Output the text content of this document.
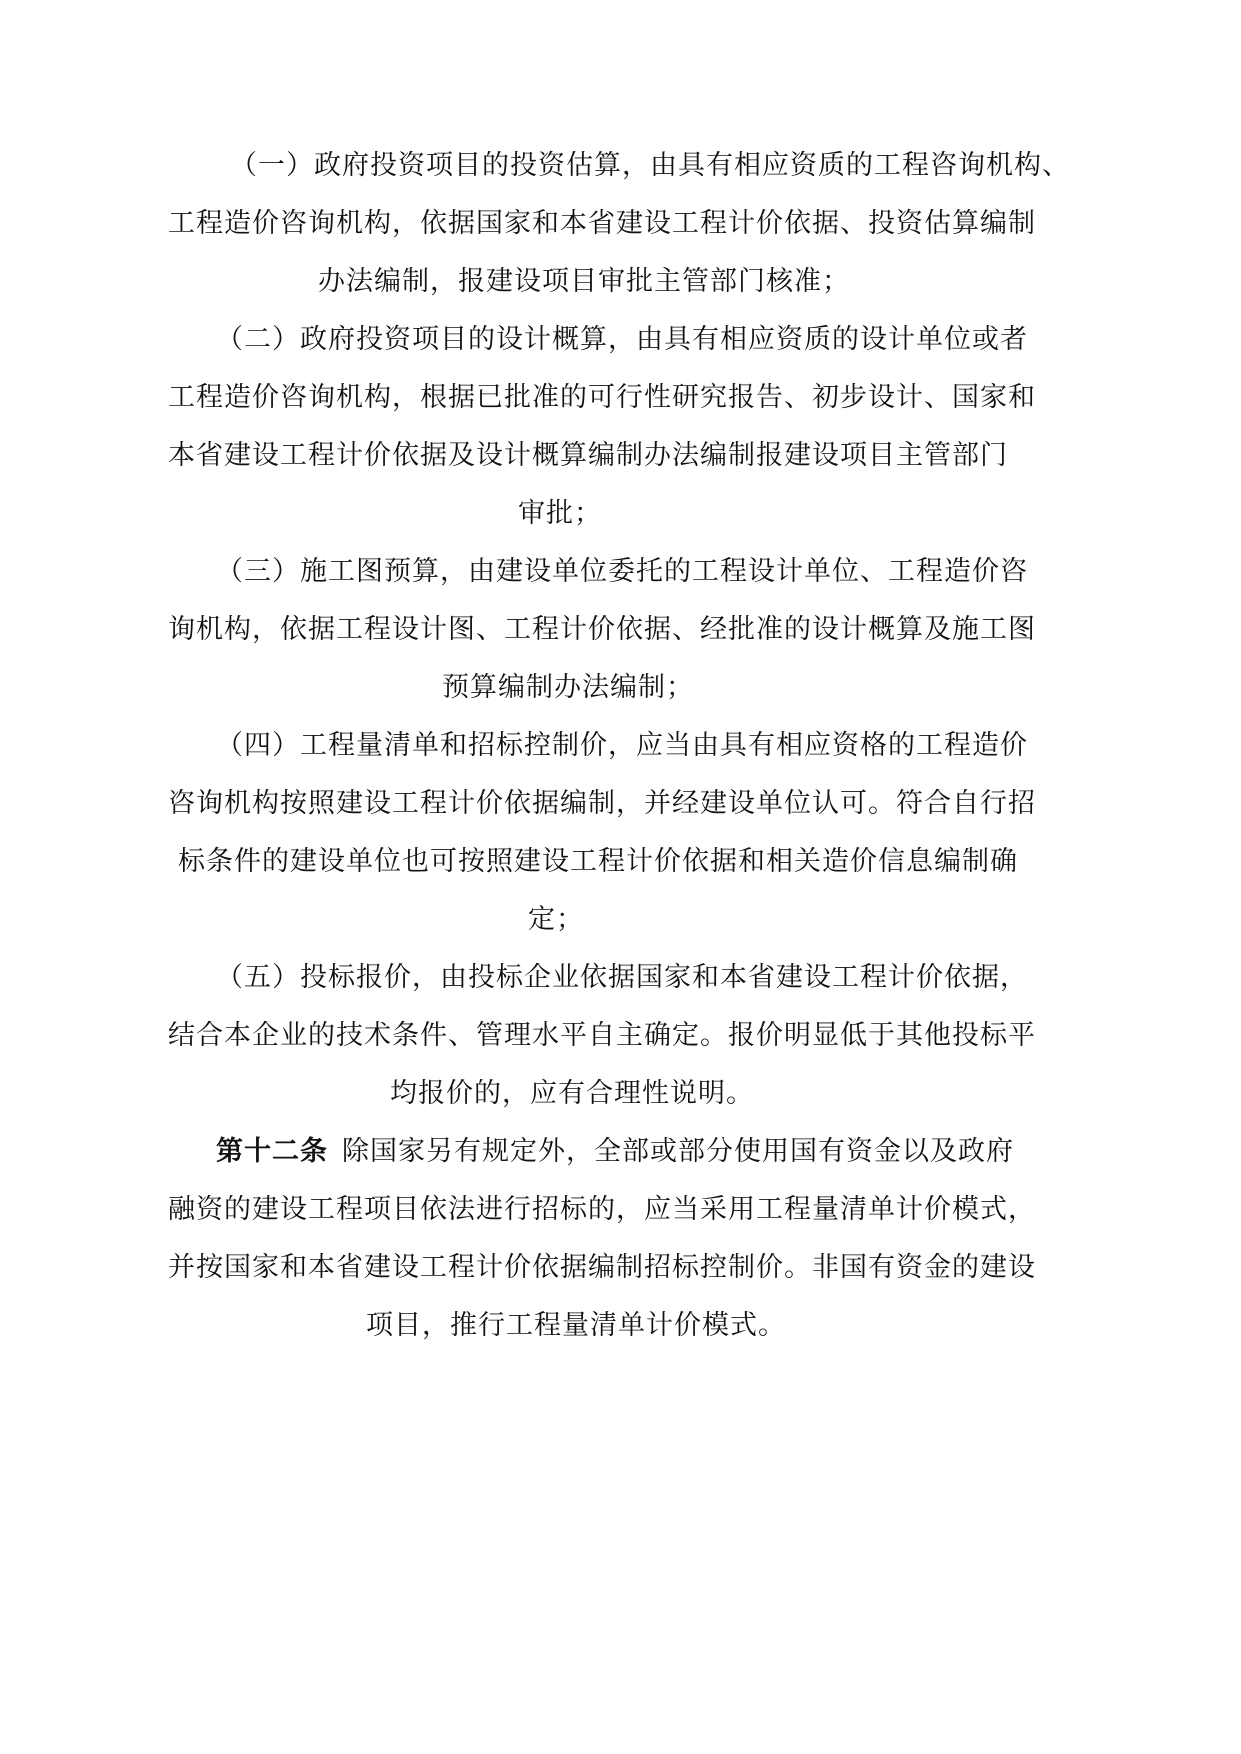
（一）政府投资项目的投资估算，由具有相应资质的工程咨询机构、
工程造价咨询机构，依据国家和本省建设工程计价依据、投资估算编制
办法编制，报建设项目审批主管部门核准；
（二）政府投资项目的设计概算，由具有相应资质的设计单位或者
工程造价咨询机构，根据已批准的可行性研究报告、初步设计、国家和
本省建设工程计价依据及设计概算编制办法编制报建设项目主管部门
审批；
（三）施工图预算，由建设单位委托的工程设计单位、工程造价咨
询机构，依据工程设计图、工程计价依据、经批准的设计概算及施工图
预算编制办法编制；
（四）工程量清单和招标控制价，应当由具有相应资格的工程造价
咨询机构按照建设工程计价依据编制，并经建设单位认可。符合自行招
标条件的建设单位也可按照建设工程计价依据和相关造价信息编制确
定；
（五）投标报价，由投标企业依据国家和本省建设工程计价依据，
结合本企业的技术条件、管理水平自主确定。报价明显低于其他投标平
均报价的，应有合理性说明。
第十二条 除国家另有规定外，全部或部分使用国有资金以及政府
融资的建设工程项目依法进行招标的，应当采用工程量清单计价模式，
并按国家和本省建设工程计价依据编制招标控制价。非国有资金的建设
项目，推行工程量清单计价模式。
